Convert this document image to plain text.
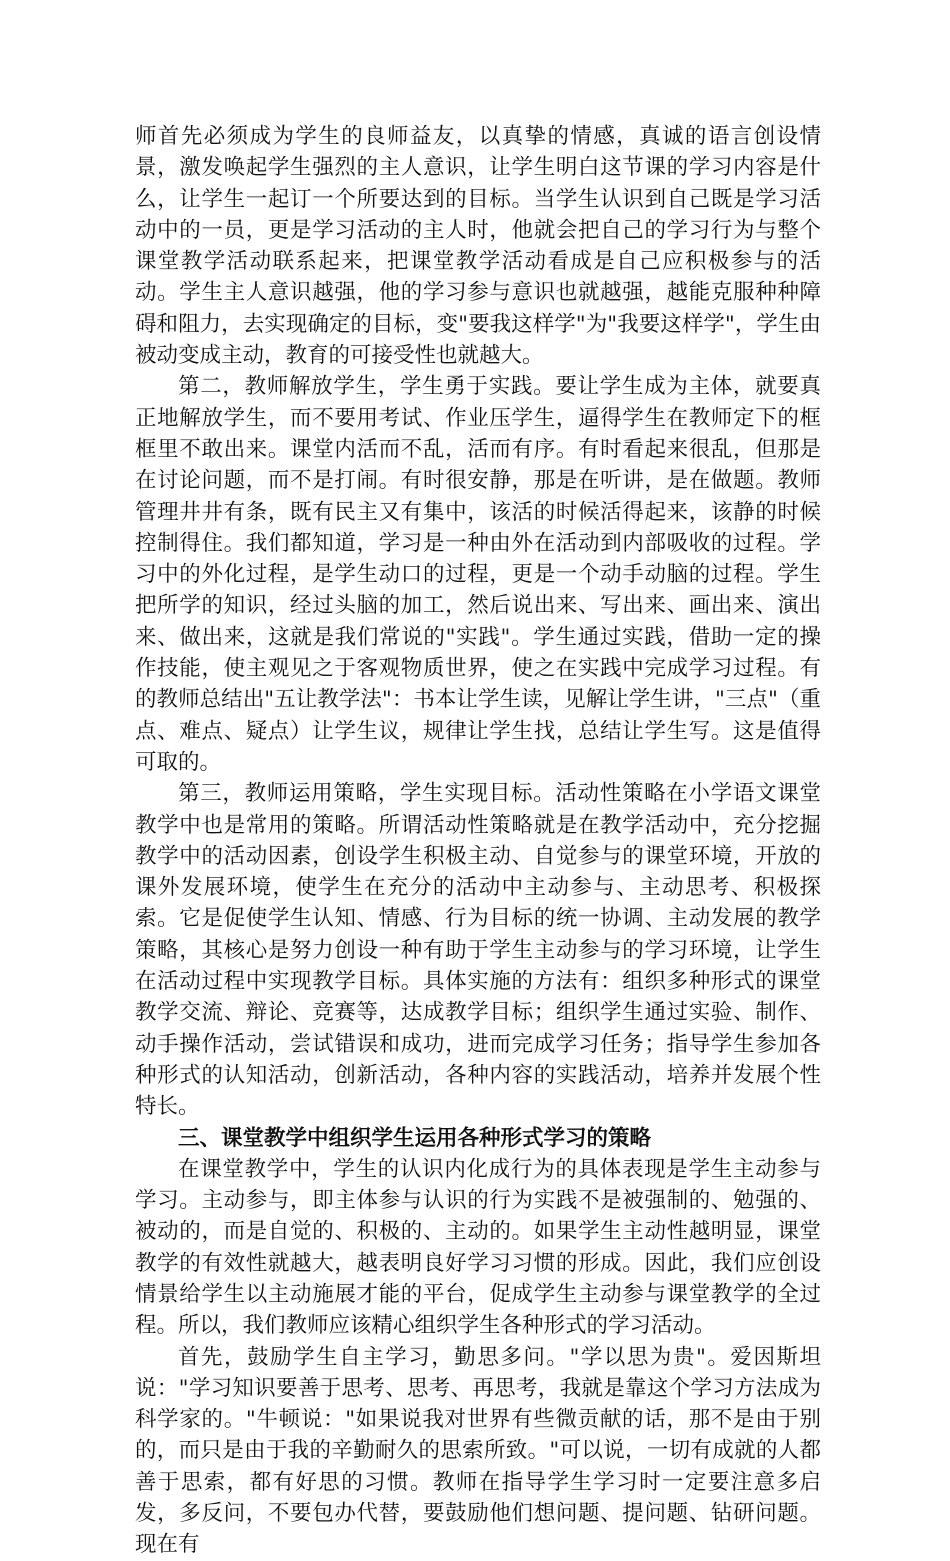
师首先必须成为学生的良师益友，以真挚的情感，真诚的语言创设情景，激发唤起学生强烈的主人意识，让学生明白这节课的学习内容是什么，让学生一起订一个所要达到的目标。当学生认识到自己既是学习活动中的一员，更是学习活动的主人时，他就会把自己的学习行为与整个课堂教学活动联系起来，把课堂教学活动看成是自己应积极参与的活动。学生主人意识越强，他的学习参与意识也就越强，越能克服种种障碍和阻力，去实现确定的目标，变"要我这样学"为"我要这样学"，学生由被动变成主动，教育的可接受性也就越大。

第二，教师解放学生，学生勇于实践。要让学生成为主体，就要真正地解放学生，而不要用考试、作业压学生，逼得学生在教师定下的框框里不敢出来。课堂内活而不乱，活而有序。有时看起来很乱，但那是在讨论问题，而不是打闹。有时很安静，那是在听讲，是在做题。教师管理井井有条，既有民主又有集中，该活的时候活得起来，该静的时候控制得住。我们都知道，学习是一种由外在活动到内部吸收的过程。学习中的外化过程，是学生动口的过程，更是一个动手动脑的过程。学生把所学的知识，经过头脑的加工，然后说出来、写出来、画出来、演出来、做出来，这就是我们常说的"实践"。学生通过实践，借助一定的操作技能，使主观见之于客观物质世界，使之在实践中完成学习过程。有的教师总结出"五让教学法"：书本让学生读，见解让学生讲，"三点"（重点、难点、疑点）让学生议，规律让学生找，总结让学生写。这是值得可取的。

第三，教师运用策略，学生实现目标。活动性策略在小学语文课堂教学中也是常用的策略。所谓活动性策略就是在教学活动中，充分挖掘教学中的活动因素，创设学生积极主动、自觉参与的课堂环境，开放的课外发展环境，使学生在充分的活动中主动参与、主动思考、积极探索。它是促使学生认知、情感、行为目标的统一协调、主动发展的教学策略，其核心是努力创设一种有助于学生主动参与的学习环境，让学生在活动过程中实现教学目标。具体实施的方法有：组织多种形式的课堂教学交流、辩论、竞赛等，达成教学目标；组织学生通过实验、制作、动手操作活动，尝试错误和成功，进而完成学习任务；指导学生参加各种形式的认知活动，创新活动，各种内容的实践活动，培养并发展个性特长。

三、课堂教学中组织学生运用各种形式学习的策略

在课堂教学中，学生的认识内化成行为的具体表现是学生主动参与学习。主动参与，即主体参与认识的行为实践不是被强制的、勉强的、被动的，而是自觉的、积极的、主动的。如果学生主动性越明显，课堂教学的有效性就越大，越表明良好学习习惯的形成。因此，我们应创设情景给学生以主动施展才能的平台，促成学生主动参与课堂教学的全过程。所以，我们教师应该精心组织学生各种形式的学习活动。

首先，鼓励学生自主学习，勤思多问。"学以思为贵"。爱因斯坦说："学习知识要善于思考、思考、再思考，我就是靠这个学习方法成为科学家的。"牛顿说："如果说我对世界有些微贡献的话，那不是由于别的，而只是由于我的辛勤耐久的思索所致。"可以说，一切有成就的人都善于思索，都有好思的习惯。教师在指导学生学习时一定要注意多启发，多反问，不要包办代替，要鼓励他们想问题、提问题、钻研问题。现在有
